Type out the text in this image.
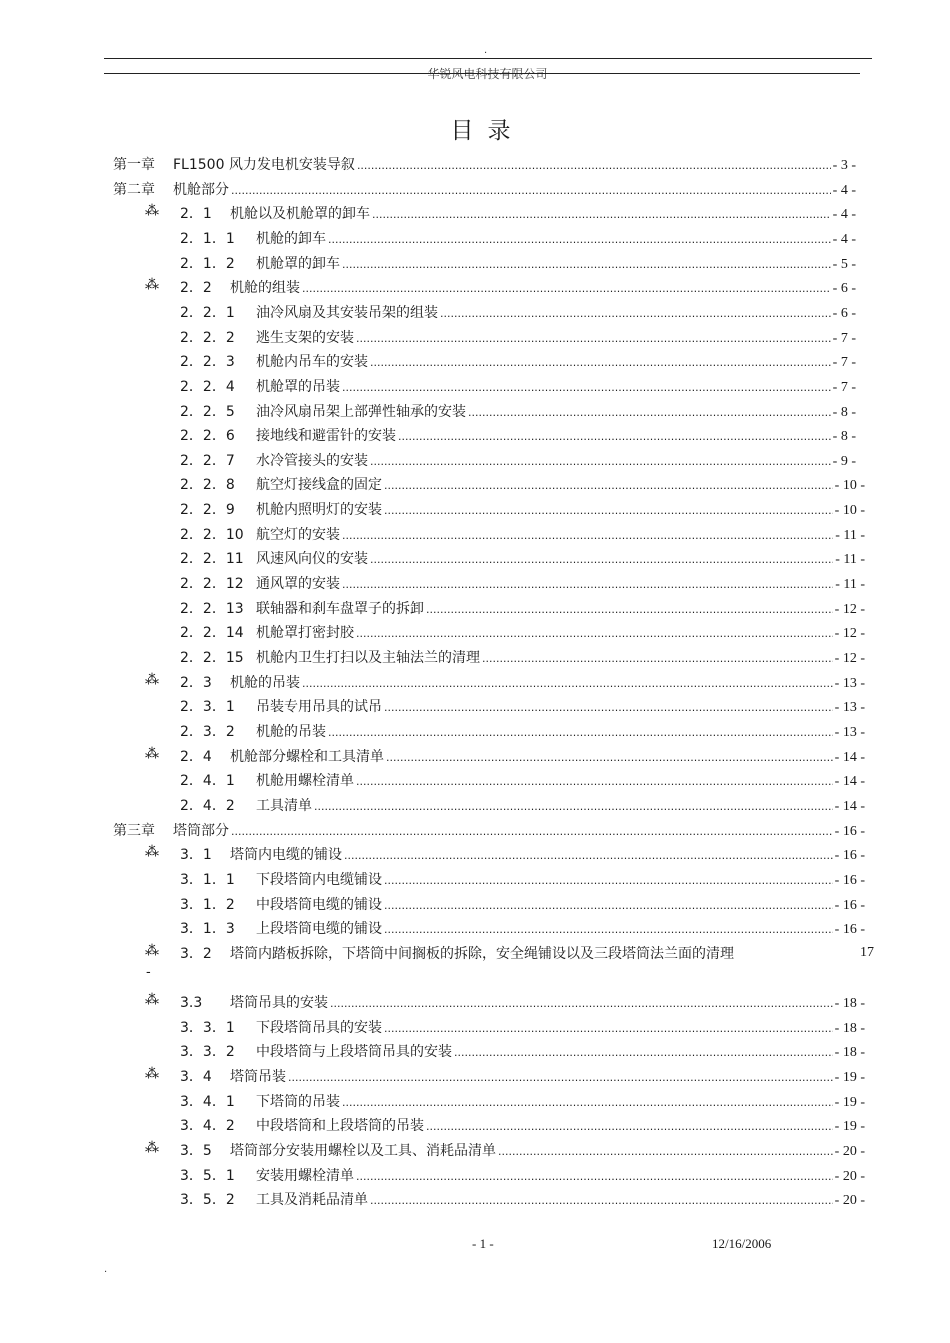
.
华锐风电科技有限公司
目录
第一章	FL1500 风力发电机安装导叙 .....	- 3 -
第二章	机舱部分 .....	- 4 -
⁂ 2．1	机舱以及机舱罩的卸车 .....	- 4 -
2．1．1	机舱的卸车 .....	- 4 -
2．1．2	机舱罩的卸车 .....	- 5 -
⁂ 2．2	机舱的组装 .....	- 6 -
2．2．1	油冷风扇及其安装吊架的组装 .....	- 6 -
2．2．2	逃生支架的安装 .....	- 7 -
2．2．3	机舱内吊车的安装 .....	- 7 -
2．2．4	机舱罩的吊装 .....	- 7 -
2．2．5	油冷风扇吊架上部弹性轴承的安装 .....	- 8 -
2．2．6	接地线和避雷针的安装 .....	- 8 -
2．2．7	水冷管接头的安装 .....	- 9 -
2．2．8	航空灯接线盒的固定 .....	- 10 -
2．2．9	机舱内照明灯的安装 .....	- 10 -
2．2．10 航空灯的安装 .....	- 11 -
2．2．11 风速风向仪的安装 .....	- 11 -
2．2．12 通风罩的安装 .....	- 11 -
2．2．13 联轴器和刹车盘罩子的拆卸 .....	- 12 -
2．2．14 机舱罩打密封胶 .....	- 12 -
2．2．15 机舱内卫生打扫以及主轴法兰的清理 .....	- 12 -
⁂ 2．3	机舱的吊装 .....	- 13 -
2．3．1	吊装专用吊具的试吊 .....	- 13 -
2．3．2	机舱的吊装 .....	- 13 -
⁂ 2．4	机舱部分螺栓和工具清单 .....	- 14 -
2．4．1	机舱用螺栓清单 .....	- 14 -
2．4．2	工具清单 .....	- 14 -
第三章	塔筒部分 .....	- 16 -
⁂ 3．1	塔筒内电缆的铺设 .....	- 16 -
3．1．1	下段塔筒内电缆铺设 .....	- 16 -
3．1．2	中段塔筒电缆的铺设 .....	- 16 -
3．1．3	上段塔筒电缆的铺设 .....	- 16 -
⁂ 3．2 塔筒内踏板拆除，下塔筒中间搁板的拆除，安全绳铺设以及三段塔筒法兰面的清理	17
-
⁂ 3.3	塔筒吊具的安装 .....	- 18 -
3．3．1	下段塔筒吊具的安装 .....	- 18 -
3．3．2	中段塔筒与上段塔筒吊具的安装 .....	- 18 -
⁂ 3．4	塔筒吊装 .....	- 19 -
3．4．1	下塔筒的吊装 .....	- 19 -
3．4．2	中段塔筒和上段塔筒的吊装 .....	- 19 -
⁂ 3．5	塔筒部分安装用螺栓以及工具、消耗品清单 .....	- 20 -
3．5．1	安装用螺栓清单 .....	- 20 -
3．5．2	工具及消耗品清单 .....	- 20 -
- 1 -	12/16/2006
.
